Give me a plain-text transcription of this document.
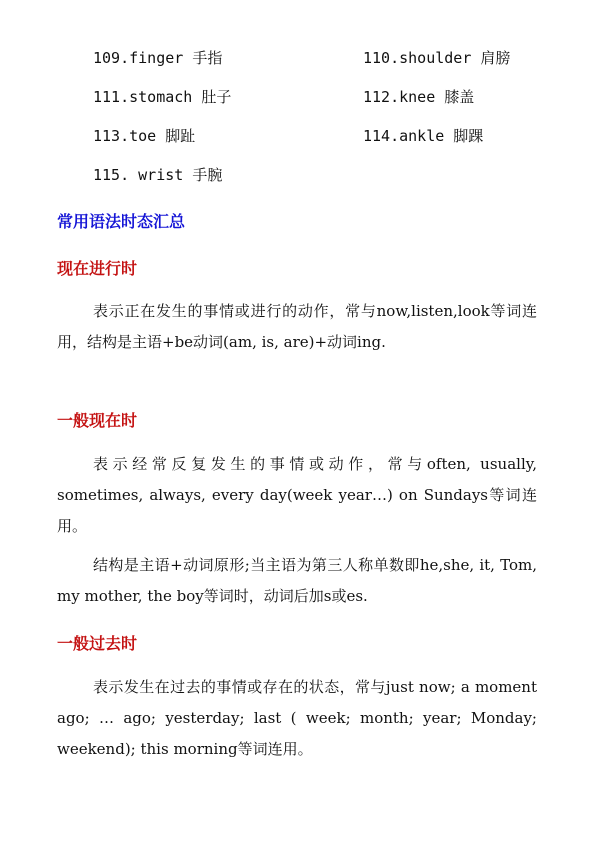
109.finger 手指	110.shoulder 肩膀
111.stomach 肚子	112.knee 膝盖
113.toe 脚趾	114.ankle 脚踝
115. wrist 手腕
常用语法时态汇总
现在进行时

表示正在发生的事情或进行的动作，常与now,listen,look等词连用，结构是主语+be动词(am, is, are)+动词ing.

一般现在时

表示经常反复发生的事情或动作，常与often, usually, sometimes, always, every day(week year…) on Sundays等词连用。

结构是主语+动词原形;当主语为第三人称单数即he,she, it, Tom, my mother, the boy等词时，动词后加s或es.

一般过去时

表示发生在过去的事情或存在的状态，常与just now; a moment ago; … ago; yesterday; last ( week; month; year; Monday; weekend); this morning等词连用。
